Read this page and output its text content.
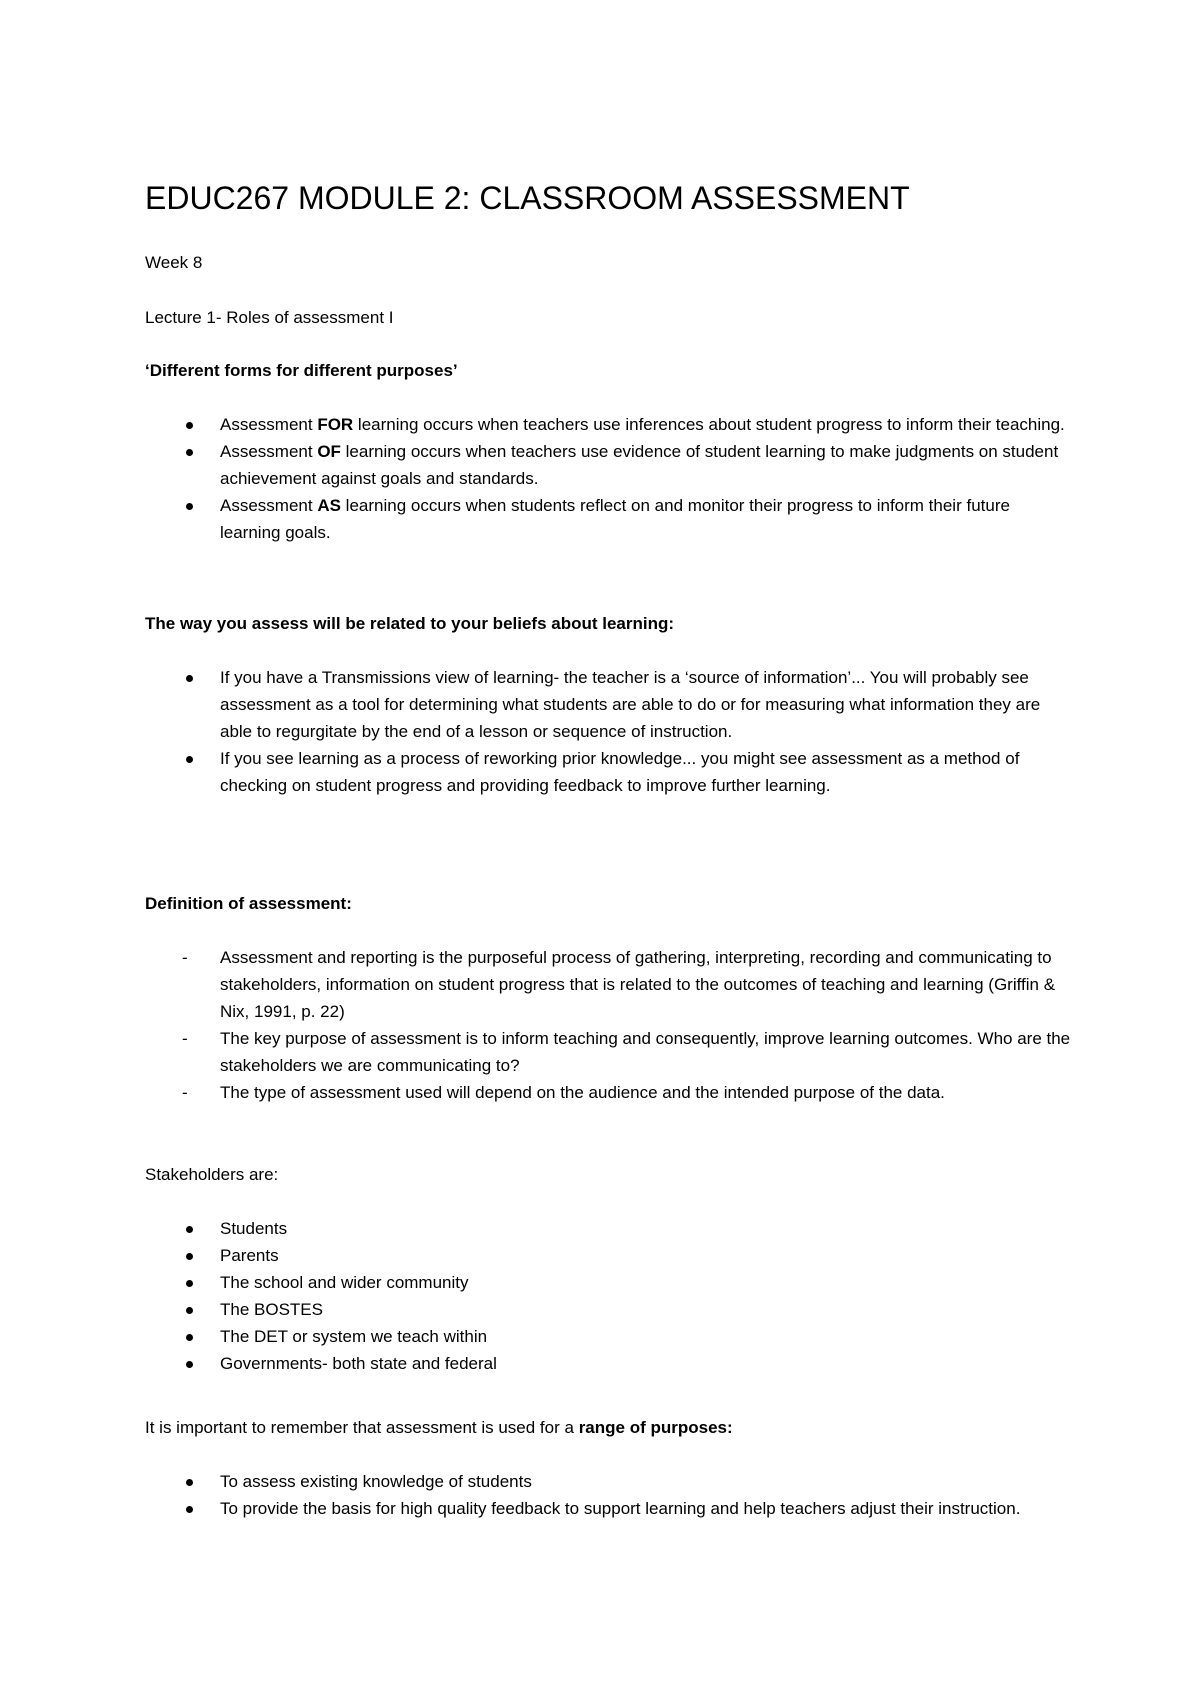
EDUC267 MODULE 2: CLASSROOM ASSESSMENT
Week 8
Lecture 1- Roles of assessment I
‘Different forms for different purposes’
Assessment FOR learning occurs when teachers use inferences about student progress to inform their teaching.
Assessment OF learning occurs when teachers use evidence of student learning to make judgments on student achievement against goals and standards.
Assessment AS learning occurs when students reflect on and monitor their progress to inform their future learning goals.
The way you assess will be related to your beliefs about learning:
If you have a Transmissions view of learning- the teacher is a ‘source of information’... You will probably see assessment as a tool for determining what students are able to do or for measuring what information they are able to regurgitate by the end of a lesson or sequence of instruction.
If you see learning as a process of reworking prior knowledge... you might see assessment as a method of checking on student progress and providing feedback to improve further learning.
Definition of assessment:
- Assessment and reporting is the purposeful process of gathering, interpreting, recording and communicating to stakeholders, information on student progress that is related to the outcomes of teaching and learning (Griffin & Nix, 1991, p. 22)
- The key purpose of assessment is to inform teaching and consequently, improve learning outcomes. Who are the stakeholders we are communicating to?
- The type of assessment used will depend on the audience and the intended purpose of the data.
Stakeholders are:
Students
Parents
The school and wider community
The BOSTES
The DET or system we teach within
Governments- both state and federal
It is important to remember that assessment is used for a range of purposes:
To assess existing knowledge of students
To provide the basis for high quality feedback to support learning and help teachers adjust their instruction.
